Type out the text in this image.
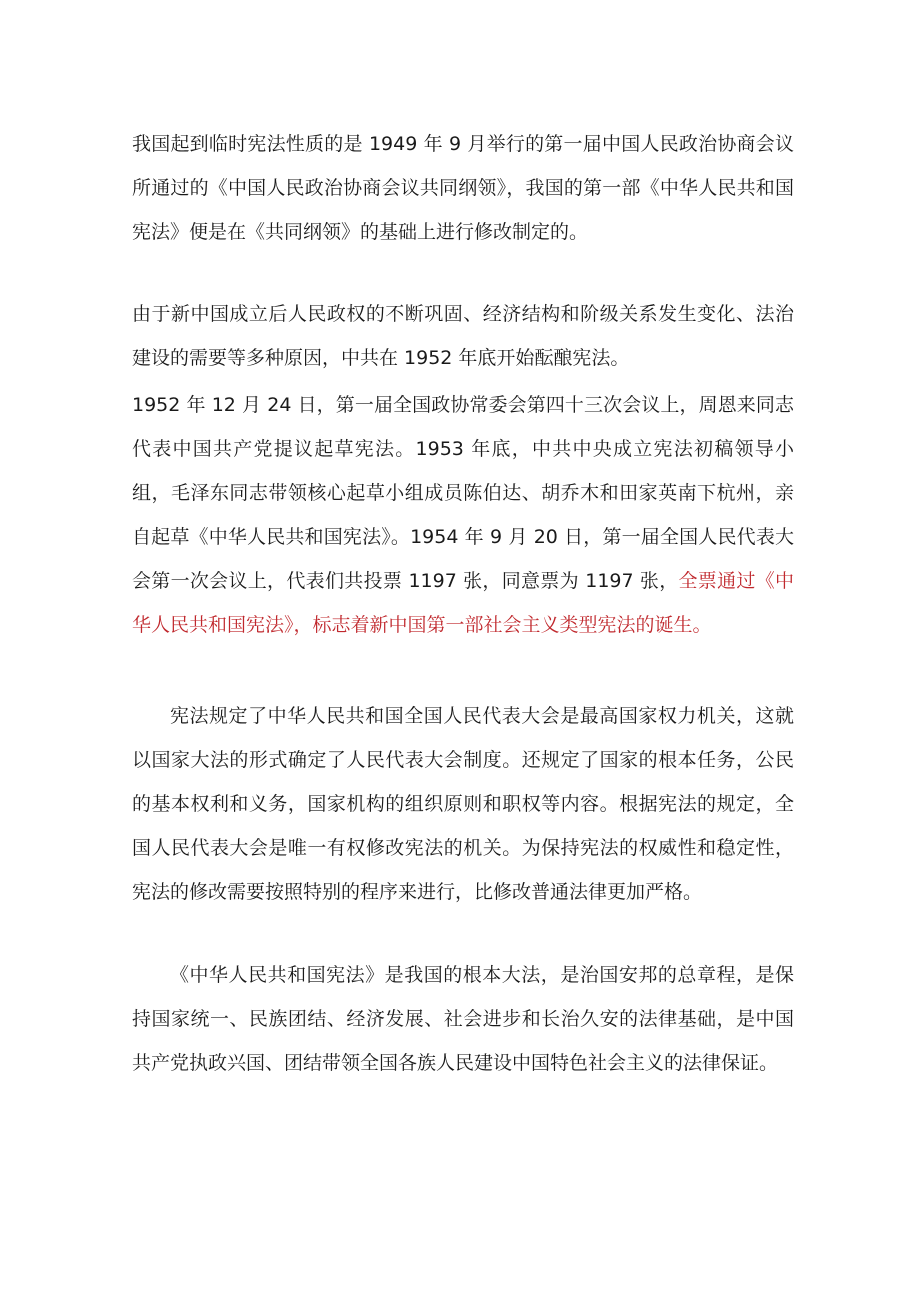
我国起到临时宪法性质的是 1949 年 9 月举行的第一届中国人民政治协商会议所通过的《中国人民政治协商会议共同纲领》，我国的第一部《中华人民共和国宪法》便是在《共同纲领》的基础上进行修改制定的。

由于新中国成立后人民政权的不断巩固、经济结构和阶级关系发生变化、法治建设的需要等多种原因，中共在 1952 年底开始酝酿宪法。

1952 年 12 月 24 日，第一届全国政协常委会第四十三次会议上，周恩来同志代表中国共产党提议起草宪法。1953 年底，中共中央成立宪法初稿领导小组，毛泽东同志带领核心起草小组成员陈伯达、胡乔木和田家英南下杭州，亲自起草《中华人民共和国宪法》。1954 年 9 月 20 日，第一届全国人民代表大会第一次会议上，代表们共投票 1197 张，同意票为 1197 张，全票通过《中华人民共和国宪法》，标志着新中国第一部社会主义类型宪法的诞生。

宪法规定了中华人民共和国全国人民代表大会是最高国家权力机关，这就以国家大法的形式确定了人民代表大会制度。还规定了国家的根本任务，公民的基本权利和义务，国家机构的组织原则和职权等内容。根据宪法的规定，全国人民代表大会是唯一有权修改宪法的机关。为保持宪法的权威性和稳定性，宪法的修改需要按照特别的程序来进行，比修改普通法律更加严格。

《中华人民共和国宪法》是我国的根本大法，是治国安邦的总章程，是保持国家统一、民族团结、经济发展、社会进步和长治久安的法律基础，是中国共产党执政兴国、团结带领全国各族人民建设中国特色社会主义的法律保证。
